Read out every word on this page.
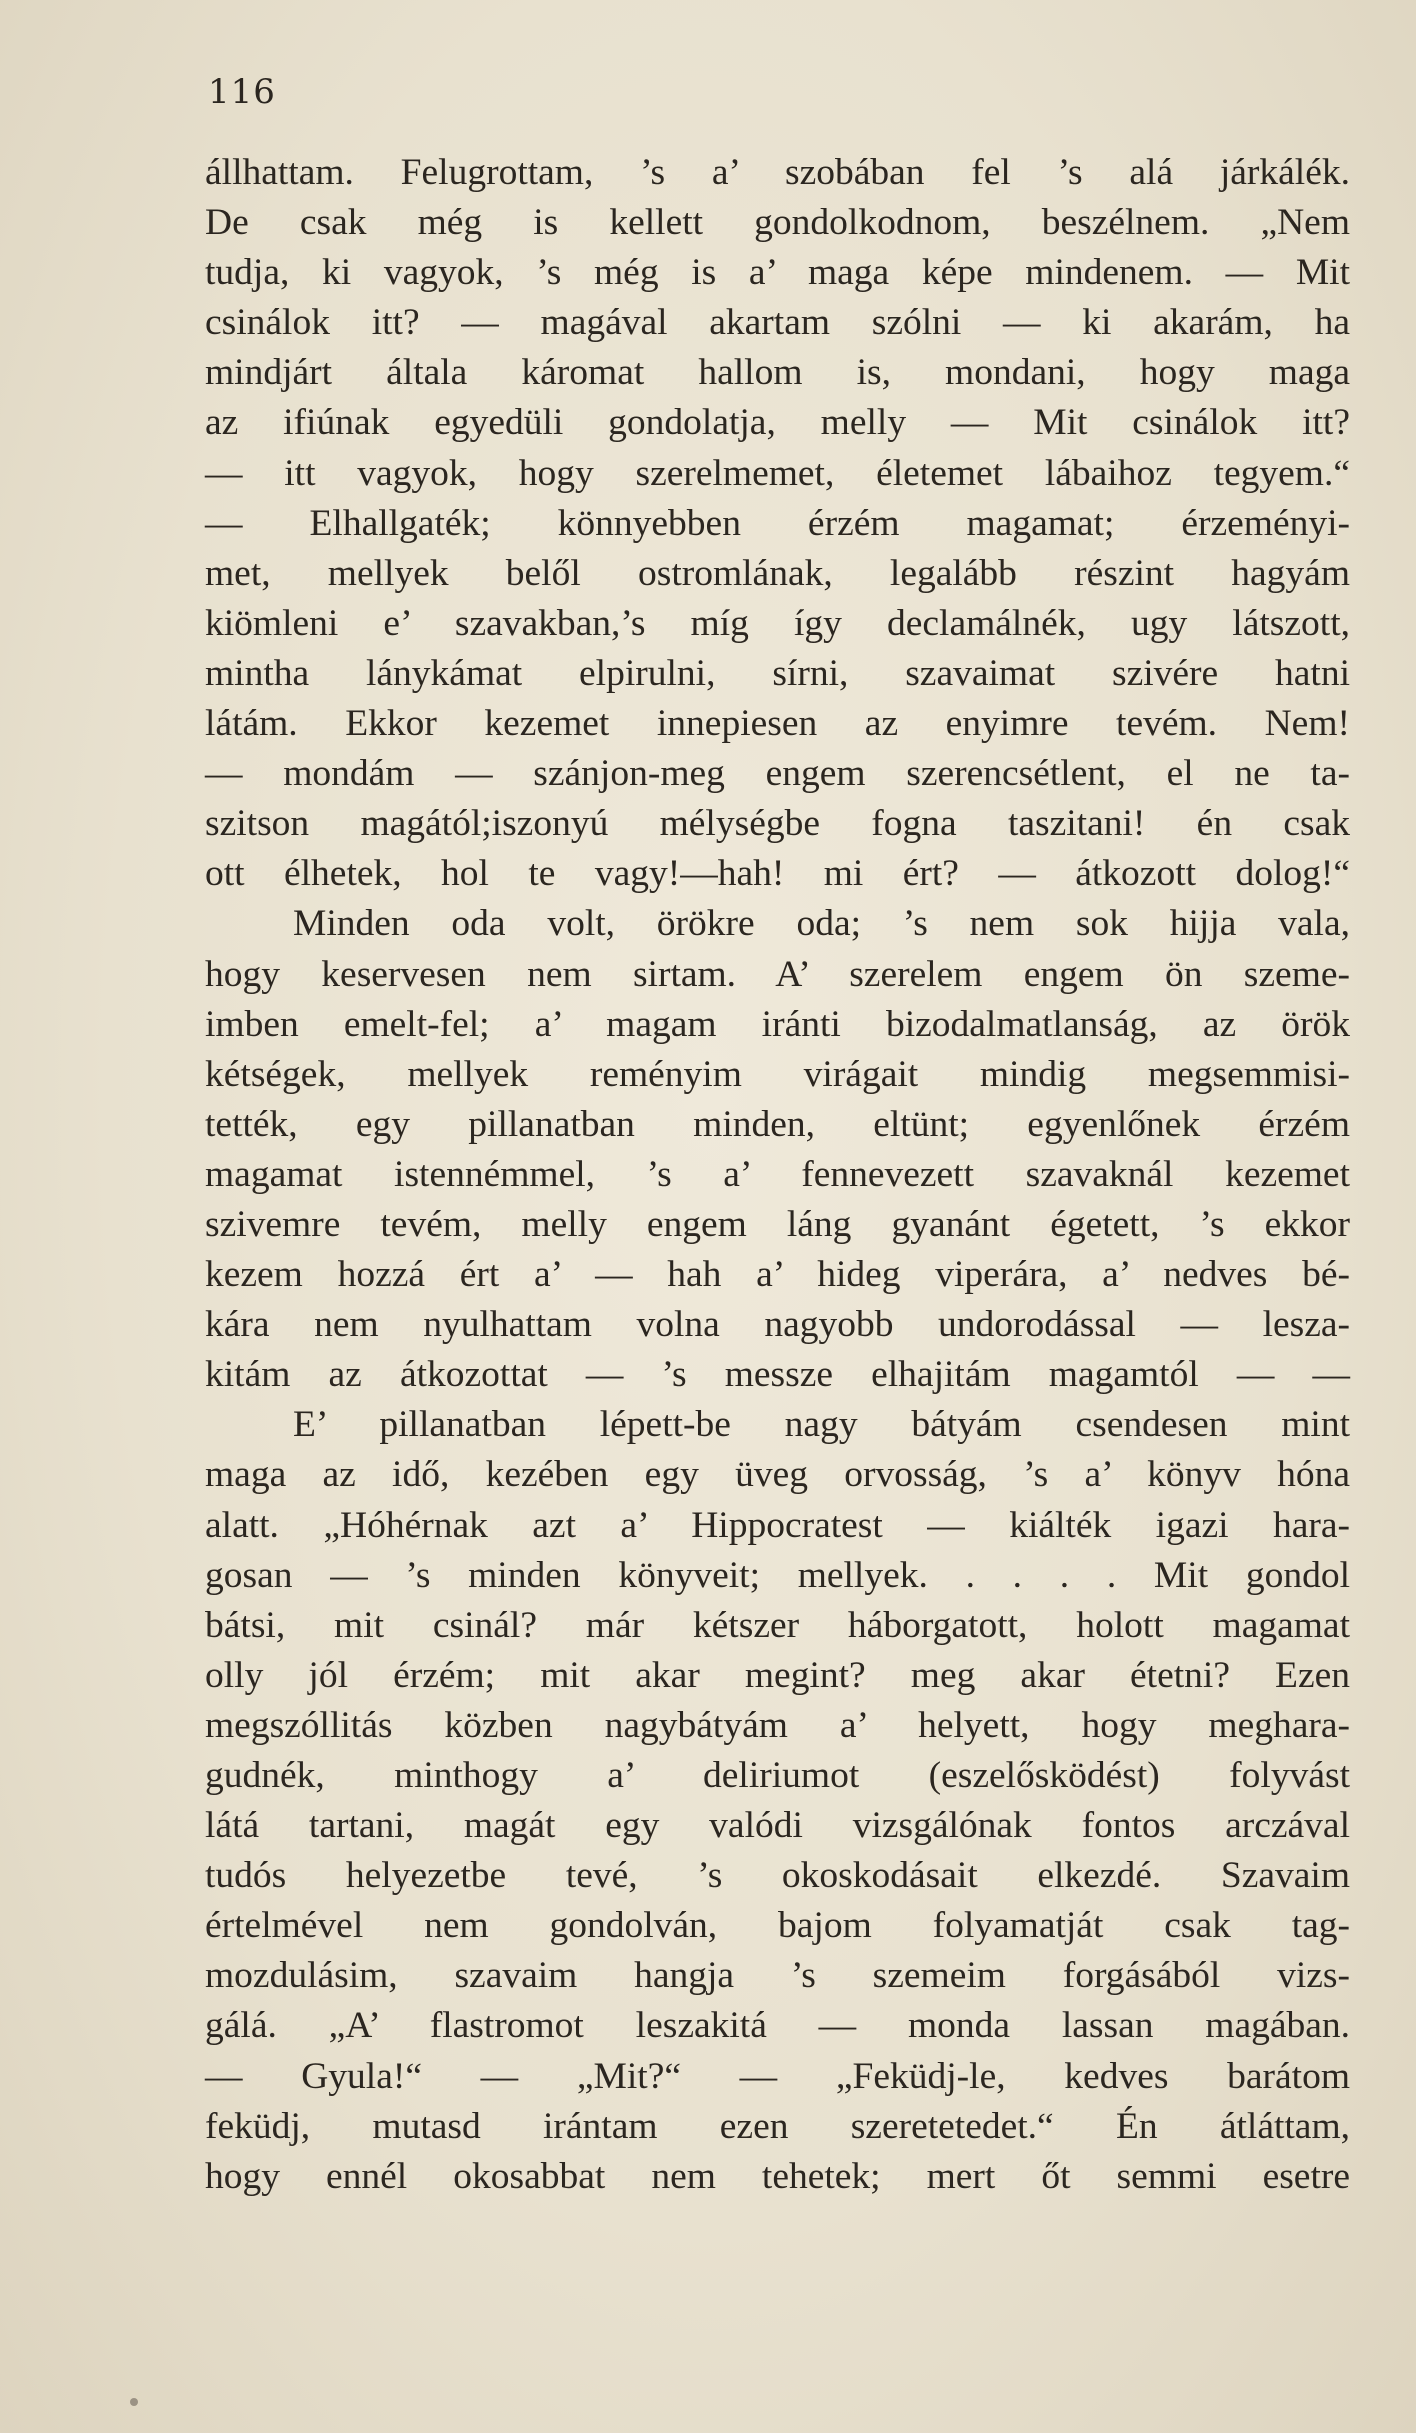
116
állhattam. Felugrottam, ’s a’ szobában fel ’s alá járkálék.
De csak még is kellett gondolkodnom, beszélnem. „Nem
tudja, ki vagyok, ’s még is a’ maga képe mindenem. — Mit
csinálok itt? — magával akartam szólni — ki akarám, ha
mindjárt általa káromat hallom is, mondani, hogy maga
az ifiúnak egyedüli gondolatja, melly — Mit csinálok itt?
— itt vagyok, hogy szerelmemet, életemet lábaihoz tegyem.“
— Elhallgaték; könnyebben érzém magamat; érzeményi-
met, mellyek belől ostromlának, legalább részint hagyám
kiömleni e’ szavakban,’s míg így declamálnék, ugy látszott,
mintha lánykámat elpirulni, sírni, szavaimat szivére hatni
látám. Ekkor kezemet innepiesen az enyimre tevém. Nem!
— mondám — szánjon-meg engem szerencsétlent, el ne ta-
szitson magától;iszonyú mélységbe fogna taszitani! én csak
ott élhetek, hol te vagy!—hah! mi ért? — átkozott dolog!“
Minden oda volt, örökre oda; ’s nem sok hijja vala,
hogy keservesen nem sirtam. A’ szerelem engem ön szeme-
imben emelt-fel; a’ magam iránti bizodalmatlanság, az örök
kétségek, mellyek reményim virágait mindig megsemmisi-
tették, egy pillanatban minden, eltünt; egyenlőnek érzém
magamat istennémmel, ’s a’ fennevezett szavaknál kezemet
szivemre tevém, melly engem láng gyanánt égetett, ’s ekkor
kezem hozzá ért a’ — hah a’ hideg viperára, a’ nedves bé-
kára nem nyulhattam volna nagyobb undorodással — lesza-
kitám az átkozottat — ’s messze elhajitám magamtól — —
E’ pillanatban lépett-be nagy bátyám csendesen mint
maga az idő, kezében egy üveg orvosság, ’s a’ könyv hóna
alatt. „Hóhérnak azt a’ Hippocratest — kiálték igazi hara-
gosan — ’s minden könyveit; mellyek. . . . . Mit gondol
bátsi, mit csinál? már kétszer háborgatott, holott magamat
olly jól érzém; mit akar megint? meg akar étetni? Ezen
megszóllitás közben nagybátyám a’ helyett, hogy meghara-
gudnék, minthogy a’ deliriumot (eszelősködést) folyvást
látá tartani, magát egy valódi vizsgálónak fontos arczával
tudós helyezetbe tevé, ’s okoskodásait elkezdé. Szavaim
értelmével nem gondolván, bajom folyamatját csak tag-
mozdulásim, szavaim hangja ’s szemeim forgásából vizs-
gálá. „A’ flastromot leszakitá — monda lassan magában.
— Gyula!“ — „Mit?“ — „Feküdj-le, kedves barátom
feküdj, mutasd irántam ezen szeretetedet.“ Én átláttam,
hogy ennél okosabbat nem tehetek; mert őt semmi esetre
